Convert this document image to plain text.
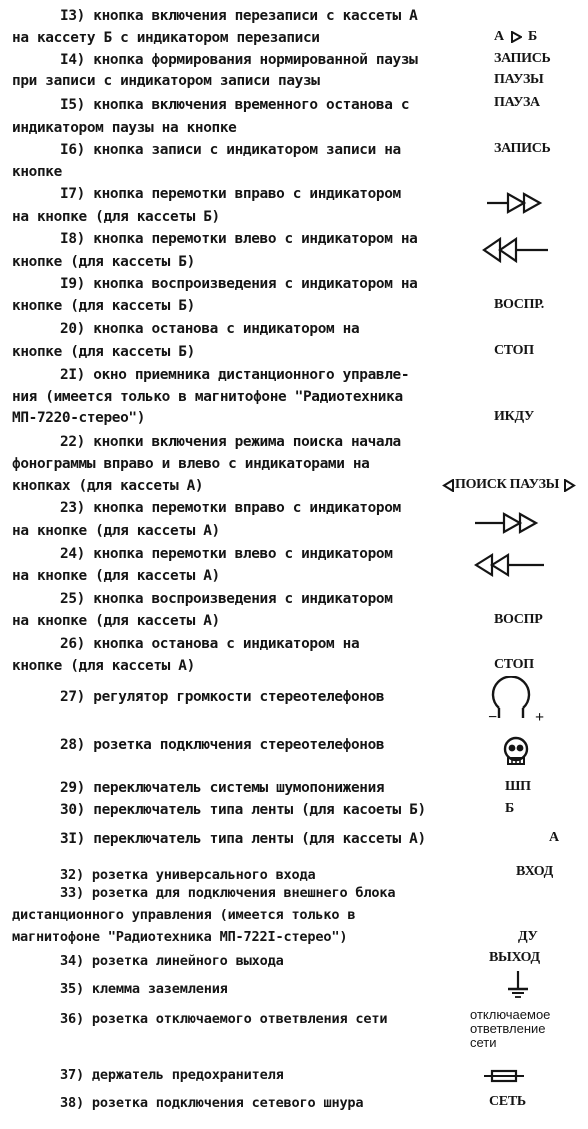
I3) кнопка включения перезаписи с кассеты А
на кассету Б с индикатором перезаписи
I4) кнопка формирования нормированной паузы
при записи с индикатором записи паузы
I5) кнопка включения временного останова с
индикатором паузы на кнопке
I6) кнопка записи с индикатором записи на
кнопке
I7) кнопка перемотки вправо с индикатором
на кнопке (для кассеты Б)
I8) кнопка перемотки влево с индикатором на
кнопке (для кассеты Б)
I9) кнопка воспроизведения с индикатором на
кнопке (для кассеты Б)
20) кнопка останова с индикатором на
кнопке (для кассеты Б)
2I) окно приемника дистанционного управле-
ния (имеется только в магнитофоне "Радиотехника
МП-7220-стерео")
22) кнопки включения режима поиска начала
фонограммы вправо и влево с индикаторами на
кнопках (для кассеты А)
23) кнопка перемотки вправо с индикатором
на кнопке (для кассеты А)
24) кнопка перемотки влево с индикатором
на кнопке (для кассеты А)
25) кнопка воспроизведения с индикатором
на кнопке (для кассеты А)
26) кнопка останова с индикатором на
кнопке (для кассеты А)
27) регулятор громкости стереотелефонов
28) розетка подключения стереотелефонов
29) переключатель системы шумопонижения
30) переключатель типа ленты (для касоеты Б)
3I) переключатель типа ленты (для кассеты А)
32) розетка универсального входа
33) розетка для подключения внешнего блока
дистанционного управления (имеется только в
магнитофоне "Радиотехника МП-722I-стерео")
34) розетка линейного выхода
35) клемма заземления
36) розетка отключаемого ответвления сети
37) держатель предохранителя
38) розетка подключения сетевого шнура
А Б
ЗАПИСЬ
ПАУЗЫ
ПАУЗА
ЗАПИСЬ
ВОСПР.
СТОП
ИКДУ
ПОИСК ПАУЗЫ
ВОСПР
СТОП
− +
ШП
Б
А
ВХОД
ДУ
ВЫХОД
отключаемое
ответвление
сети
СЕТЬ
